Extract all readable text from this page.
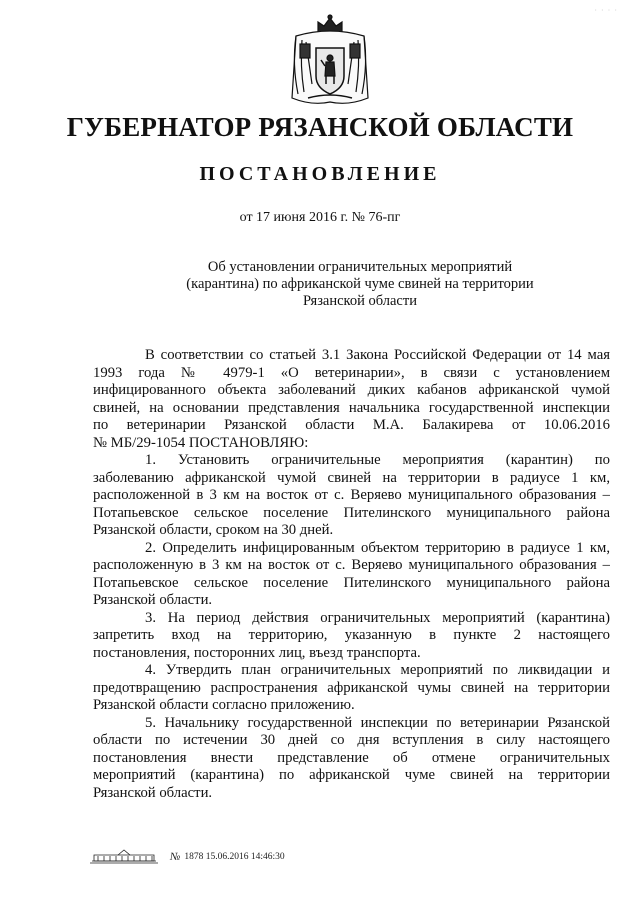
· · · ·
ГУБЕРНАТОР РЯЗАНСКОЙ ОБЛАСТИ
ПОСТАНОВЛЕНИЕ
от 17 июня 2016 г. № 76-пг
Об установлении ограничительных мероприятий
(карантина) по африканской чуме свиней на территории
Рязанской области
В соответствии со статьей 3.1 Закона Российской Федерации от 14 мая
1993 года № 4979-1 «О ветеринарии», в связи с установлением
инфицированного объекта заболеваний диких кабанов африканской чумой
свиней, на основании представления начальника государственной инспекции
по ветеринарии Рязанской области М.А. Балакирева от 10.06.2016
№ МБ/29-1054 ПОСТАНОВЛЯЮ:
1. Установить ограничительные мероприятия (карантин) по
заболеванию африканской чумой свиней на территории в радиусе 1 км,
расположенной в 3 км на восток от с. Веряево муниципального образования –
Потапьевское сельское поселение Пителинского муниципального района
Рязанской области, сроком на 30 дней.
2. Определить инфицированным объектом территорию в радиусе 1 км,
расположенную в 3 км на восток от с. Веряево муниципального образования –
Потапьевское сельское поселение Пителинского муниципального района
Рязанской области.
3. На период действия ограничительных мероприятий (карантина)
запретить вход на территорию, указанную в пункте 2 настоящего
постановления, посторонних лиц, въезд транспорта.
4. Утвердить план ограничительных мероприятий по ликвидации и
предотвращению распространения африканской чумы свиней на территории
Рязанской области согласно приложению.
5. Начальнику государственной инспекции по ветеринарии Рязанской
области по истечении 30 дней со дня вступления в силу настоящего
постановления внести представление об отмене ограничительных
мероприятий (карантина) по африканской чуме свиней на территории
Рязанской области.
№ 1878 15.06.2016 14:46:30
